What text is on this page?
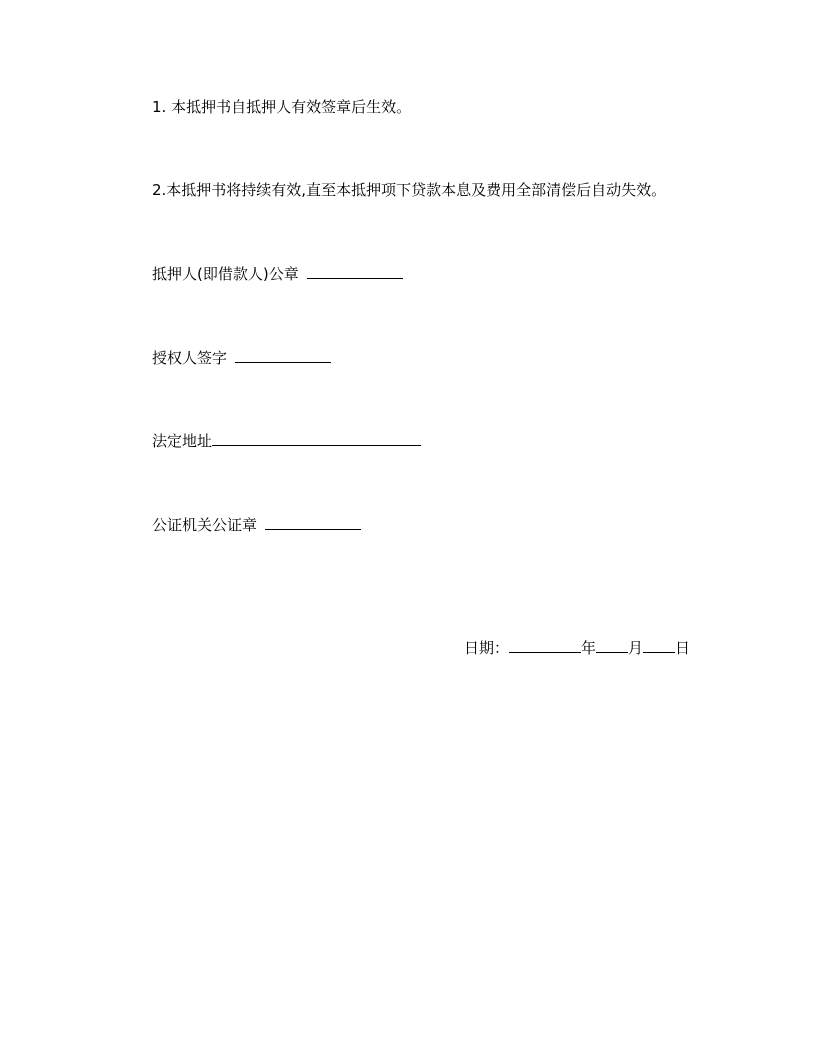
1. 本抵押书自抵押人有效签章后生效。
2.本抵押书将持续有效,直至本抵押项下贷款本息及费用全部清偿后自动失效。
抵押人(即借款人)公章
授权人签字
法定地址
公证机关公证章
日期：	年 月 日
